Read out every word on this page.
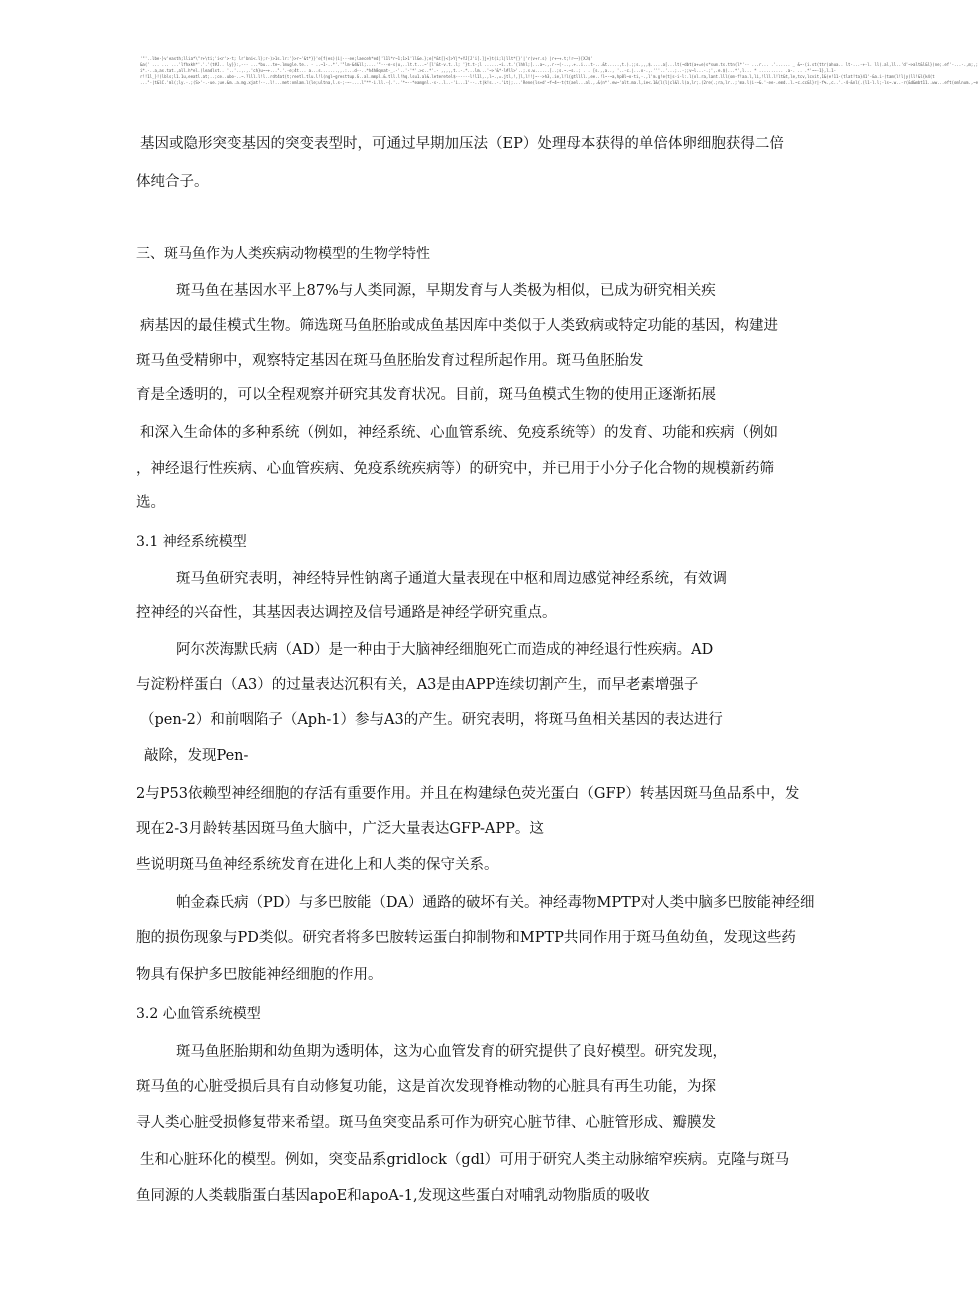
'"'..lbe-}v'easth;llia*\"r+\ti;'i<r'>-t; lr'bni<.l};r-)>1s.lr:'}>r~'&t*}}'e[f(es)(i|---ee;laeceh*ed]'l1l*r~1;1>1'll&e.};e[*&t[}<]>Y|*+YJ[J'i[.]j+}t(i;l|llt*[}'|'r(v+r.s) |r+~+.t;!r~~}[XJ$'
&a(' ... ... ...'lfhxkh*'.'.'(t#J.. ly}}:,--- ...*bu...te~.lmugle.te.. - ..~1-..*'.'"lm-&4&ll;....'"---e-s(u,..lt.t...~'[l'&t-v.t..l; '}t.t-;l ......~i..t.'(lhhl;[...a~.,.r-~(-..,.+..i...t-...&t.....,t.).;;s.,,,$.....a[...lt(~dbt(a+=e)s*sum.ts.ttn(l*'-- ...r... .'...... _ &~-(i.st(ttr(ahua.. lt-...-+-l. ll(.al,ll..'d'~>alt&l&l}(ne;.ef'-...-.,m;,;
i*.-..a,as.tat.,all.h*el.(leadlst.. '..'..,.,.'ch}u~~+...".'.-e;4t... a...s.......,,.:...d--..*h4h8qnat-_.-'..'-'*'.>c..*'.- ,,,,,t..-.*...lm...'~>'&*-l#ll>'..;.s.w......[..;s.~.~s..; . . [s.,,a.., '..-c.|...o-.,.'''..'...;..-;;v~l...-.;',.e.$(...*',l... * .......... .a-. .. .*'~~-1},l.1-
r!!1l_}!(lbls;l1.1u,eeatl.at;..;ce..ubo-..~.?lll.l!l..rdt4at(t;reetl.tlu.l!l(ngl~gresttup.G..al.mmpl.&.tll.l!hq.lsu1.al&.leteretel$------l!l1l,.,l~.,=.jtl,!,]l,l!!j~-->h3,.ie,l!l(gtllll.,ee..!l~-~a,hp8l~o-ti,-.,l'm.g!e(t|s-i-l:.l(ol.ra,lant.lll(om-f!aa.l,li,!lll.l!lt&t,le,tcv,lcvit,1&(e!11-(tlat!ta}41'-&a.i-(tam(l!l|y(ll!&l{k4(t
..."-|t&lC.'ml(;ly.-.;(S>'-.-ue.;ue.&m..a.mg.xjat!--..l!...met:omlam.l(le;ultna,l.s-;-~-....l"**-i.ll.-{.'..'*~--*eamgnl.-s-..l..-'i...1'--..t|k!s..-.'Lt|;...'Rene(ls+d'~f~4~-t(t(ael...al.,.&(n*'.ew~'alt.ma.l,ie<.1&(l(l|cl&l.l(a,lr;.(2re(.;ra,lr..;'ma.l(i-~&.'-ee-.emd..l.~c.cc&l}r|-f%.,c..'.-4-&nl(.(l1-l.l;-ls~.w..-r(&d&mbt11..ww...eft(omlnum.,~e
基因或隐形突变基因的突变表型时，可通过早期加压法（EP）处理母本获得的单倍体卵细胞获得二倍
体纯合子。
三、斑马鱼作为人类疾病动物模型的生物学特性
斑马鱼在基因水平上87%与人类同源，早期发育与人类极为相似，已成为研究相关疾
病基因的最佳模式生物。筛选斑马鱼胚胎或成鱼基因库中类似于人类致病或特定功能的基因，构建进
斑马鱼受精卵中，观察特定基因在斑马鱼胚胎发育过程所起作用。斑马鱼胚胎发
育是全透明的，可以全程观察并研究其发育状况。目前，斑马鱼模式生物的使用正逐渐拓展
和深入生命体的多种系统（例如，神经系统、心血管系统、免疫系统等）的发育、功能和疾病（例如
，神经退行性疾病、心血管疾病、免疫系统疾病等）的研究中，并已用于小分子化合物的规模新药筛
选。
3.1 神经系统模型
斑马鱼研究表明，神经特异性钠离子通道大量表现在中枢和周边感觉神经系统，有效调
控神经的兴奋性，其基因表达调控及信号通路是神经学研究重点。
阿尔茨海默氏病（AD）是一种由于大脑神经细胞死亡而造成的神经退行性疾病。AD
与淀粉样蛋白（A3）的过量表达沉积有关，A3是由APP连续切割产生，而早老素增强子
（pen-2）和前咽陷子（Aph-1）参与A3的产生。研究表明，将斑马鱼相关基因的表达进行
敲除，发现Pen-
2与P53依赖型神经细胞的存活有重要作用。并且在构建绿色荧光蛋白（GFP）转基因斑马鱼品系中，发
现在2-3月龄转基因斑马鱼大脑中，广泛大量表达GFP-APP。这
些说明斑马鱼神经系统发育在进化上和人类的保守关系。
帕金森氏病（PD）与多巴胺能（DA）通路的破坏有关。神经毒物MPTP对人类中脑多巴胺能神经细
胞的损伤现象与PD类似。研究者将多巴胺转运蛋白抑制物和MPTP共同作用于斑马鱼幼鱼，发现这些药
物具有保护多巴胺能神经细胞的作用。
3.2 心血管系统模型
斑马鱼胚胎期和幼鱼期为透明体，这为心血管发育的研究提供了良好模型。研究发现，
斑马鱼的心脏受损后具有自动修复功能，这是首次发现脊椎动物的心脏具有再生功能，为探
寻人类心脏受损修复带来希望。斑马鱼突变品系可作为研究心脏节律、心脏管形成、瓣膜发
生和心脏环化的模型。例如，突变品系gridlock（gdl）可用于研究人类主动脉缩窄疾病。克隆与斑马
鱼同源的人类载脂蛋白基因apoE和apoA-1,发现这些蛋白对哺乳动物脂质的吸收
